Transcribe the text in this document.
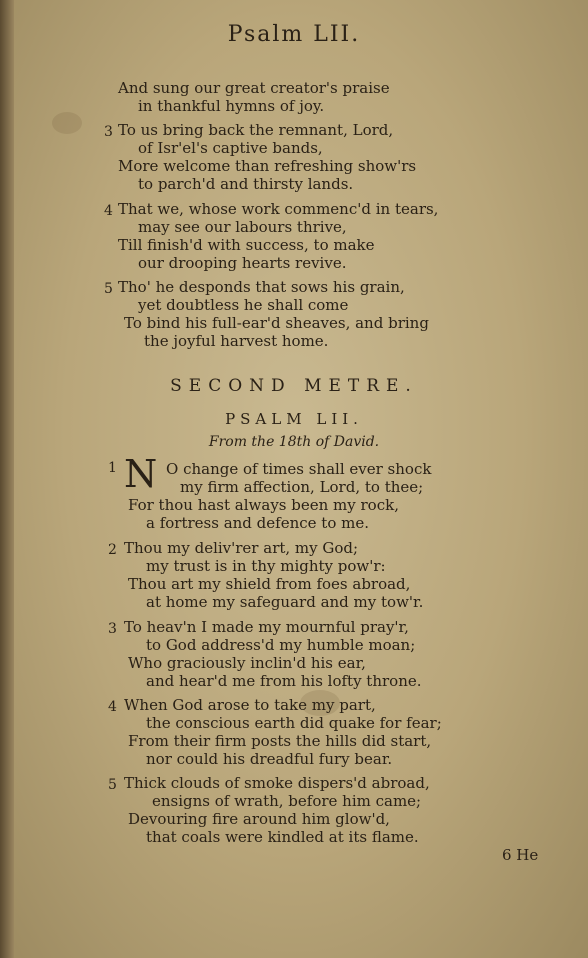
Psalm LII.
And sung our great creator's praise
in thankful hymns of joy.
3 To us bring back the remnant, Lord,
of Isr'el's captive bands,
More welcome than refreshing show'rs
to parch'd and thirsty lands.
4 That we, whose work commenc'd in tears,
may see our labours thrive,
Till finish'd with success, to make
our drooping hearts revive.
5 Tho' he desponds that sows his grain,
yet doubtless he shall come
To bind his full-ear'd sheaves, and bring
the joyful harvest home.
SECOND METRE.
PSALM LII.
From the 18th of David.
1 N O change of times shall ever shock
my firm affection, Lord, to thee;
For thou hast always been my rock,
a fortress and defence to me.
2 Thou my deliv'rer art, my God;
my trust is in thy mighty pow'r:
Thou art my shield from foes abroad,
at home my safeguard and my tow'r.
3 To heav'n I made my mournful pray'r,
to God address'd my humble moan;
Who graciously inclin'd his ear,
and hear'd me from his lofty throne.
4 When God arose to take my part,
the conscious earth did quake for fear;
From their firm posts the hills did start,
nor could his dreadful fury bear.
5 Thick clouds of smoke dispers'd abroad,
ensigns of wrath, before him came;
Devouring fire around him glow'd,
that coals were kindled at its flame.
6 He
